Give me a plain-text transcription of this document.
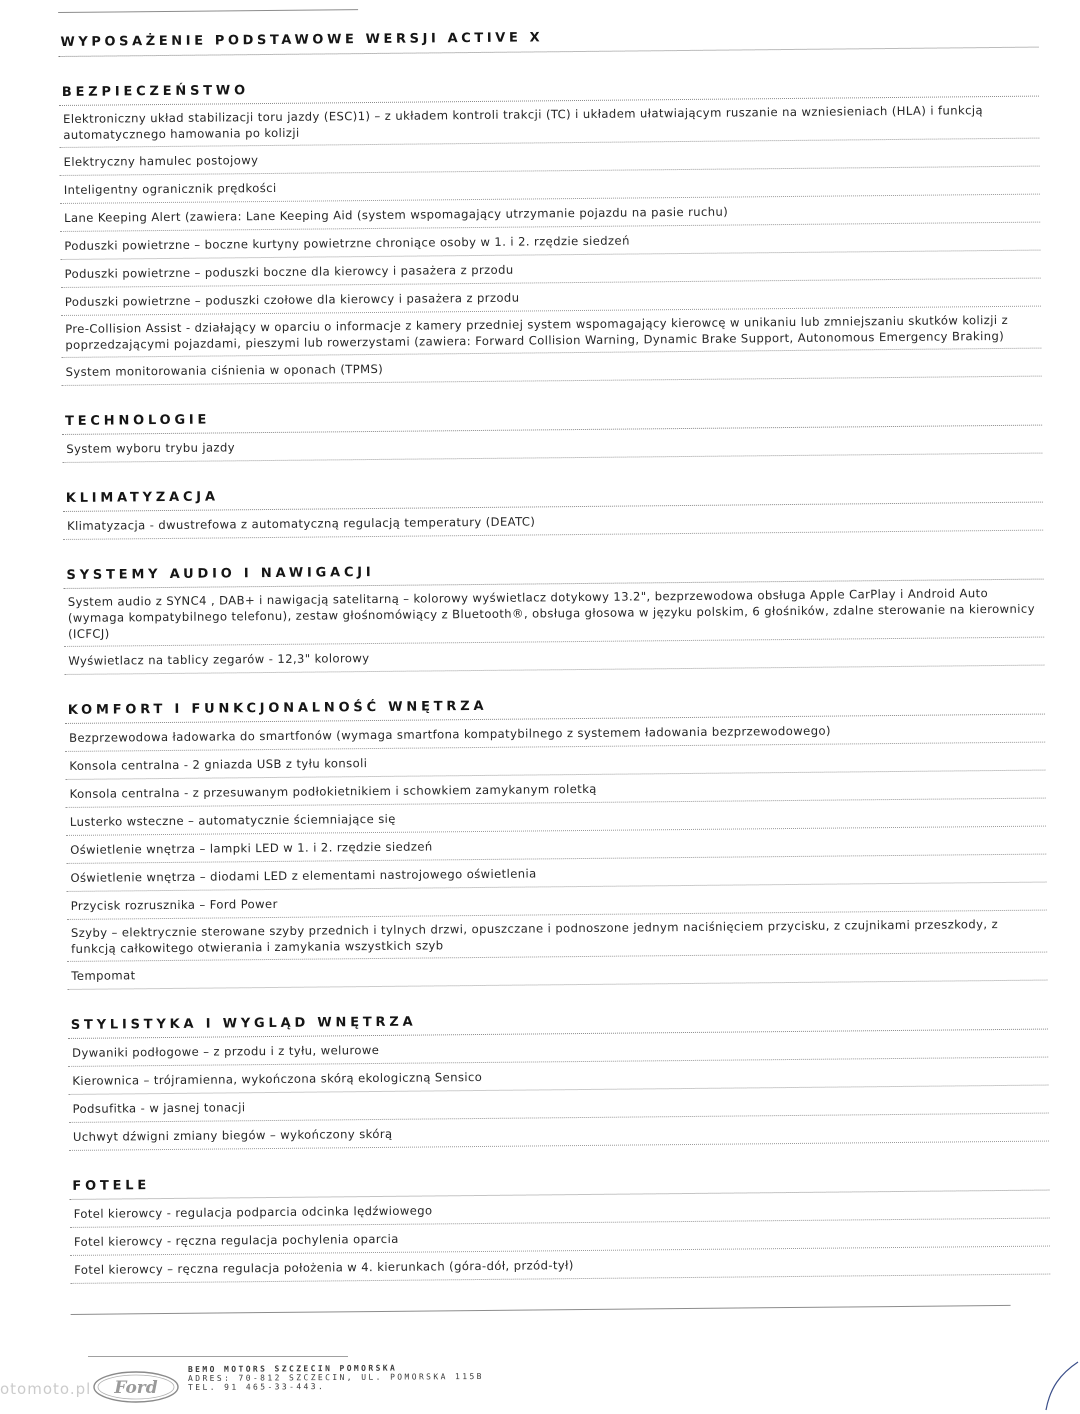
WYPOSAŻENIE PODSTAWOWE WERSJI ACTIVE X
BEZPIECZEŃSTWO
Elektroniczny układ stabilizacji toru jazdy (ESC)1) – z układem kontroli trakcji (TC) i układem ułatwiającym ruszanie na wzniesieniach (HLA) i funkcją automatycznego hamowania po kolizji
Elektryczny hamulec postojowy
Inteligentny ogranicznik prędkości
Lane Keeping Alert (zawiera: Lane Keeping Aid (system wspomagający utrzymanie pojazdu na pasie ruchu)
Poduszki powietrzne – boczne kurtyny powietrzne chroniące osoby w 1. i 2. rzędzie siedzeń
Poduszki powietrzne – poduszki boczne dla kierowcy i pasażera z przodu
Poduszki powietrzne – poduszki czołowe dla kierowcy i pasażera z przodu
Pre-Collision Assist - działający w oparciu o informacje z kamery przedniej system wspomagający kierowcę w unikaniu lub zmniejszaniu skutków kolizji z poprzedzającymi pojazdami, pieszymi lub rowerzystami (zawiera: Forward Collision Warning, Dynamic Brake Support, Autonomous Emergency Braking)
System monitorowania ciśnienia w oponach (TPMS)
TECHNOLOGIE
System wyboru trybu jazdy
KLIMATYZACJA
Klimatyzacja - dwustrefowa z automatyczną regulacją temperatury (DEATC)
SYSTEMY AUDIO I NAWIGACJI
System audio z SYNC4 , DAB+ i nawigacją satelitarną – kolorowy wyświetlacz dotykowy 13.2", bezprzewodowa obsługa Apple CarPlay i Android Auto (wymaga kompatybilnego telefonu), zestaw głośnomówiący z Bluetooth®, obsługa głosowa w języku polskim, 6 głośników, zdalne sterowanie na kierownicy (ICFCJ)
Wyświetlacz na tablicy zegarów - 12,3" kolorowy
KOMFORT I FUNKCJONALNOŚĆ WNĘTRZA
Bezprzewodowa ładowarka do smartfonów (wymaga smartfona kompatybilnego z systemem ładowania bezprzewodowego)
Konsola centralna - 2 gniazda USB z tyłu konsoli
Konsola centralna - z przesuwanym podłokietnikiem i schowkiem zamykanym roletką
Lusterko wsteczne – automatycznie ściemniające się
Oświetlenie wnętrza – lampki LED w 1. i 2. rzędzie siedzeń
Oświetlenie wnętrza – diodami LED z elementami nastrojowego oświetlenia
Przycisk rozrusznika – Ford Power
Szyby – elektrycznie sterowane szyby przednich i tylnych drzwi, opuszczane i podnoszone jednym naciśnięciem przycisku, z czujnikami przeszkody, z funkcją całkowitego otwierania i zamykania wszystkich szyb
Tempomat
STYLISTYKA I WYGLĄD WNĘTRZA
Dywaniki podłogowe – z przodu i z tyłu, welurowe
Kierownica – trójramienna, wykończona skórą ekologiczną Sensico
Podsufitka - w jasnej tonacji
Uchwyt dźwigni zmiany biegów – wykończony skórą
FOTELE
Fotel kierowcy - regulacja podparcia odcinka lędźwiowego
Fotel kierowcy - ręczna regulacja pochylenia oparcia
Fotel kierowcy – ręczna regulacja położenia w 4. kierunkach (góra-dół, przód-tył)
Ford
BEMO MOTORS SZCZECIN POMORSKA
ADRES: 70-812 SZCZECIN, UL. POMORSKA 115B
TEL. 91 465-33-443.
otomoto.pl
